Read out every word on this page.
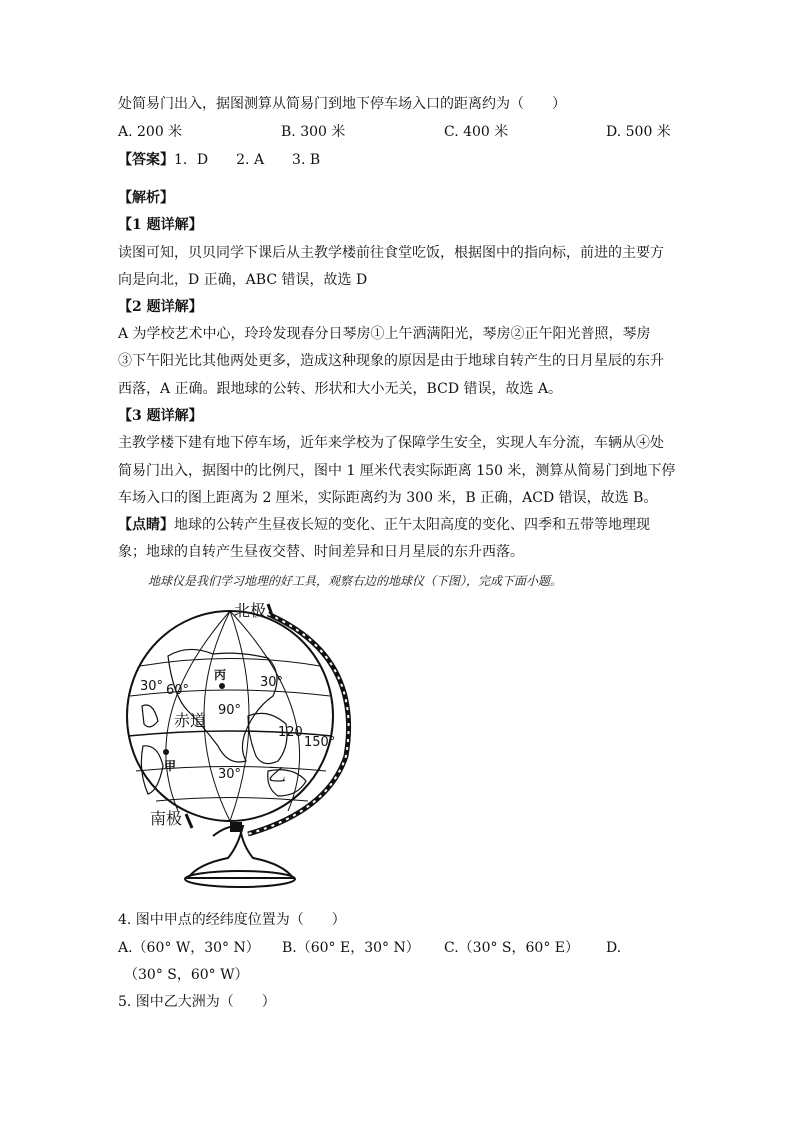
处简易门出入，据图测算从简易门到地下停车场入口的距离约为（　　）
A. 200 米	B. 300 米	C. 400 米	D. 500 米
【答案】1．D　　2. A　　3. B
【解析】
【1 题详解】
读图可知，贝贝同学下课后从主教学楼前往食堂吃饭，根据图中的指向标，前进的主要方
向是向北，D 正确，ABC 错误，故选 D
【2 题详解】
A 为学校艺术中心，玲玲发现春分日琴房①上午洒满阳光，琴房②正午阳光普照，琴房
③下午阳光比其他两处更多，造成这种现象的原因是由于地球自转产生的日月星辰的东升
西落，A 正确。跟地球的公转、形状和大小无关，BCD 错误，故选 A。
【3 题详解】
主教学楼下建有地下停车场，近年来学校为了保障学生安全，实现人车分流，车辆从④处
简易门出入，据图中的比例尺，图中 1 厘米代表实际距离 150 米，测算从简易门到地下停
车场入口的图上距离为 2 厘米，实际距离约为 300 米，B 正确，ACD 错误，故选 B。
【点睛】地球的公转产生昼夜长短的变化、正午太阳高度的变化、四季和五带等地理现
象；地球的自转产生昼夜交替、时间差异和日月星辰的东升西落。
地球仪是我们学习地理的好工具，观察右边的地球仪（下图），完成下面小题。
北极
南极
赤道
丙
甲	乙
30° 60°
90°
30°
120
150°
30°
4. 图中甲点的经纬度位置为（　　）
A.（60° W，30° N） B.（60° E，30° N） C.（30° S，60° E） D.
（30° S，60° W）
5. 图中乙大洲为（　　）
